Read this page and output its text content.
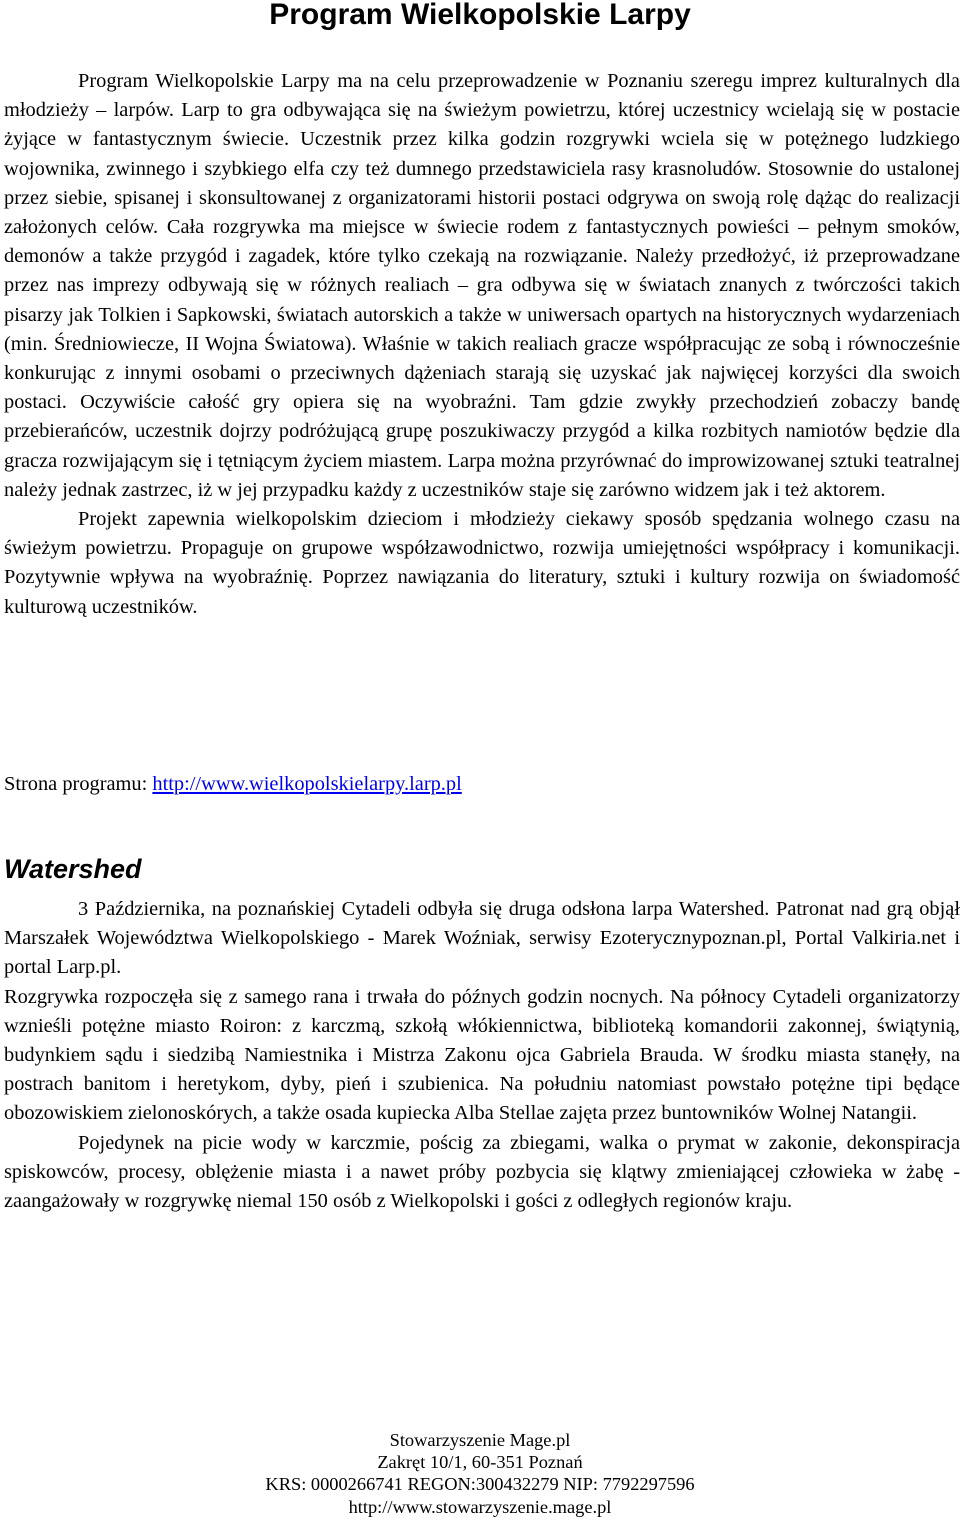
Program Wielkopolskie Larpy

Program Wielkopolskie Larpy ma na celu przeprowadzenie w Poznaniu szeregu imprez kulturalnych dla młodzieży – larpów. Larp to gra odbywająca się na świeżym powietrzu, której uczestnicy wcielają się w postacie żyjące w fantastycznym świecie. Uczestnik przez kilka godzin rozgrywki wciela się w potężnego ludzkiego wojownika, zwinnego i szybkiego elfa czy też dumnego przedstawiciela rasy krasnoludów. Stosownie do ustalonej przez siebie, spisanej i skonsultowanej z organizatorami historii postaci odgrywa on swoją rolę dążąc do realizacji założonych celów. Cała rozgrywka ma miejsce w świecie rodem z fantastycznych powieści – pełnym smoków, demonów a także przygód i zagadek, które tylko czekają na rozwiązanie. Należy przedłożyć, iż przeprowadzane przez nas imprezy odbywają się w różnych realiach – gra odbywa się w światach znanych z twórczości takich pisarzy jak Tolkien i Sapkowski, światach autorskich a także w uniwersach opartych na historycznych wydarzeniach (min. Średniowiecze, II Wojna Światowa). Właśnie w takich realiach gracze współpracując ze sobą i równocześnie konkurując z innymi osobami o przeciwnych dążeniach starają się uzyskać jak najwięcej korzyści dla swoich postaci. Oczywiście całość gry opiera się na wyobraźni. Tam gdzie zwykły przechodzień zobaczy bandę przebierańców, uczestnik dojrzy podróżującą grupę poszukiwaczy przygód a kilka rozbitych namiotów będzie dla gracza rozwijającym się i tętniącym życiem miastem. Larpa można przyrównać do improwizowanej sztuki teatralnej należy jednak zastrzec, iż w jej przypadku każdy z uczestników staje się zarówno widzem jak i też aktorem.

Projekt zapewnia wielkopolskim dzieciom i młodzieży ciekawy sposób spędzania wolnego czasu na świeżym powietrzu. Propaguje on grupowe współzawodnictwo, rozwija umiejętności współpracy i komunikacji. Pozytywnie wpływa na wyobraźnię. Poprzez nawiązania do literatury, sztuki i kultury rozwija on świadomość kulturową uczestników.

Strona programu: http://www.wielkopolskielarpy.larp.pl
Watershed

3 Października, na poznańskiej Cytadeli odbyła się druga odsłona larpa Watershed. Patronat nad grą objął Marszałek Województwa Wielkopolskiego - Marek Woźniak, serwisy Ezoterycznypoznan.pl, Portal Valkiria.net i portal Larp.pl.

Rozgrywka rozpoczęła się z samego rana i trwała do późnych godzin nocnych. Na północy Cytadeli organizatorzy wznieśli potężne miasto Roiron: z karczmą, szkołą włókiennictwa, biblioteką komandorii zakonnej, świątynią, budynkiem sądu i siedzibą Namiestnika i Mistrza Zakonu ojca Gabriela Brauda. W środku miasta stanęły, na postrach banitom i heretykom, dyby, pień i szubienica. Na południu natomiast powstało potężne tipi będące obozowiskiem zielonoskórych, a także osada kupiecka Alba Stellae zajęta przez buntowników Wolnej Natangii.

Pojedynek na picie wody w karczmie, pościg za zbiegami, walka o prymat w zakonie, dekonspiracja spiskowców, procesy, oblężenie miasta i a nawet próby pozbycia się klątwy zmieniającej człowieka w żabę - zaangażowały w rozgrywkę niemal 150 osób z Wielkopolski i gości z odległych regionów kraju.

Stowarzyszenie Mage.pl
Zakręt 10/1, 60-351 Poznań
KRS: 0000266741 REGON:300432279 NIP: 7792297596
http://www.stowarzyszenie.mage.pl
